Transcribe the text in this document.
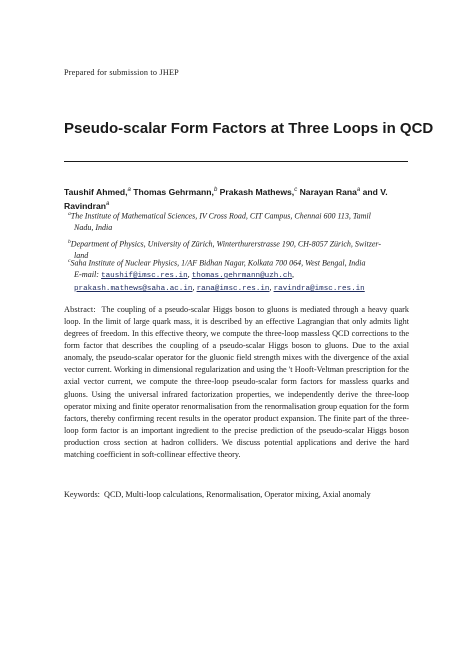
Prepared for submission to JHEP
Pseudo-scalar Form Factors at Three Loops in QCD
Taushif Ahmed,$^a$ Thomas Gehrmann,$^b$ Prakash Mathews,$^c$ Narayan Rana$^a$ and V.
Ravindran$^a$
$^a$The Institute of Mathematical Sciences, IV Cross Road, CIT Campus, Chennai 600 113, Tamil
Nadu, India
$^b$Department of Physics, University of Zürich, Winterthurerstrasse 190, CH-8057 Zürich, Switzer-
land
$^c$Saha Institute of Nuclear Physics, 1/AF Bidhan Nagar, Kolkata 700 064, West Bengal, India
E-mail: taushif@imsc.res.in, thomas.gehrmann@uzh.ch,
prakash.mathews@saha.ac.in, rana@imsc.res.in, ravindra@imsc.res.in

Abstract: The coupling of a pseudo-scalar Higgs boson to gluons is mediated through a heavy quark loop. In the limit of large quark mass, it is described by an effective Lagrangian that only admits light degrees of freedom. In this effective theory, we compute the three-loop massless QCD corrections to the form factor that describes the coupling of a pseudo-scalar Higgs boson to gluons. Due to the axial anomaly, the pseudo-scalar operator for the gluonic field strength mixes with the divergence of the axial vector current. Working in dimensional regularization and using the 't Hooft-Veltman prescription for the axial vector current, we compute the three-loop pseudo-scalar form factors for massless quarks and gluons. Using the universal infrared factorization properties, we independently derive the three-loop operator mixing and finite operator renormalisation from the renormalisation group equation for the form factors, thereby confirming recent results in the operator product expansion. The finite part of the three-loop form factor is an important ingredient to the precise prediction of the pseudo-scalar Higgs boson production cross section at hadron colliders. We discuss potential applications and derive the hard matching coefficient in soft-collinear effective theory.

Keywords: QCD, Multi-loop calculations, Renormalisation, Operator mixing, Axial anomaly
